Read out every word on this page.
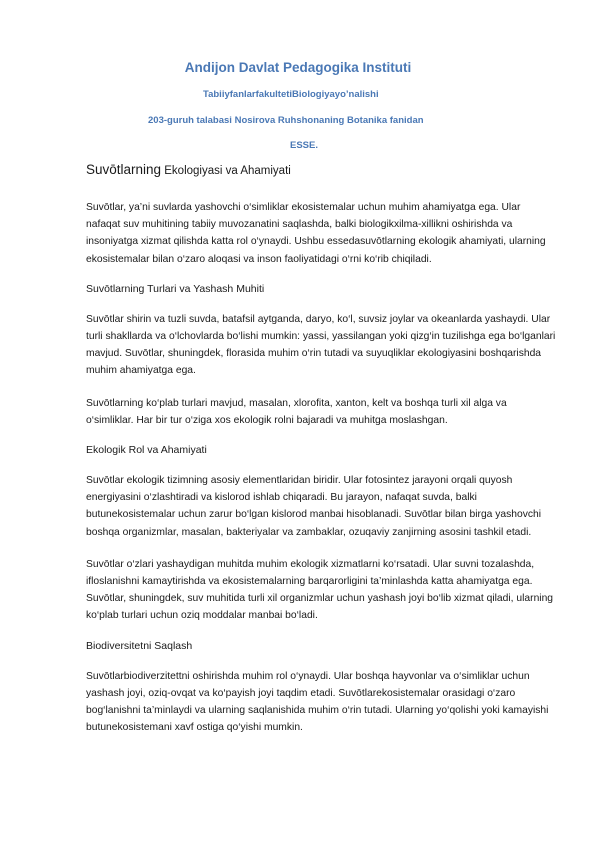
Andijon Davlat Pedagogika Instituti
TabiiyfanlarfakultetiBiologiyayo’nalishi
203-guruh talabasi Nosirova Ruhshonaning Botanika fanidan
ESSE.
Suvōtlarning Ekologiyasi va Ahamiyati

Suvōtlar, ya’ni suvlarda yashovchi o‘simliklar ekosistemalar uchun muhim ahamiyatga ega. Ular nafaqat suv muhitining tabiiy muvozanatini saqlashda, balki biologikxilma-xillikni oshirishda va insoniyatga xizmat qilishda katta rol o‘ynaydi. Ushbu essedasuvōtlarning ekologik ahamiyati, ularning ekosistemalar bilan o‘zaro aloqasi va inson faoliyatidagi o‘rni ko‘rib chiqiladi.

Suvōtlarning Turlari va Yashash Muhiti

Suvōtlar shirin va tuzli suvda, batafsil aytganda, daryo, ko‘l, suvsiz joylar va okeanlarda yashaydi. Ular turli shakllarda va o‘lchovlarda bo‘lishi mumkin: yassi, yassilangan yoki qizg‘in tuzilishga ega bo‘lganlari mavjud. Suvōtlar, shuningdek, florasida muhim o‘rin tutadi va suyuqliklar ekologiyasini boshqarishda muhim ahamiyatga ega.

Suvōtlarning ko‘plab turlari mavjud, masalan, xlorofita, xanton, kelt va boshqa turli xil alga va o‘simliklar. Har bir tur o‘ziga xos ekologik rolni bajaradi va muhitga moslashgan.

Ekologik Rol va Ahamiyati

Suvōtlar ekologik tizimning asosiy elementlaridan biridir. Ular fotosintez jarayoni orqali quyosh energiyasini o‘zlashtiradi va kislorod ishlab chiqaradi. Bu jarayon, nafaqat suvda, balki butunekosistemalar uchun zarur bo‘lgan kislorod manbai hisoblanadi. Suvōtlar bilan birga yashovchi boshqa organizmlar, masalan, bakteriyalar va zambaklar, ozuqaviy zanjirning asosini tashkil etadi.

Suvōtlar o‘zlari yashaydigan muhitda muhim ekologik xizmatlarni ko‘rsatadi. Ular suvni tozalashda, ifloslanishni kamaytirishda va ekosistemalarning barqarorligini ta’minlashda katta ahamiyatga ega. Suvōtlar, shuningdek, suv muhitida turli xil organizmlar uchun yashash joyi bo‘lib xizmat qiladi, ularning ko‘plab turlari uchun oziq moddalar manbai bo‘ladi.

Biodiversitetni Saqlash

Suvōtlarbiodiverzitettni oshirishda muhim rol o‘ynaydi. Ular boshqa hayvonlar va o‘simliklar uchun yashash joyi, oziq-ovqat va ko‘payish joyi taqdim etadi. Suvōtlarekosistemalar orasidagi o‘zaro bog‘lanishni ta’minlaydi va ularning saqlanishida muhim o‘rin tutadi. Ularning yo‘qolishi yoki kamayishi butunekosistemani xavf ostiga qo‘yishi mumkin.
